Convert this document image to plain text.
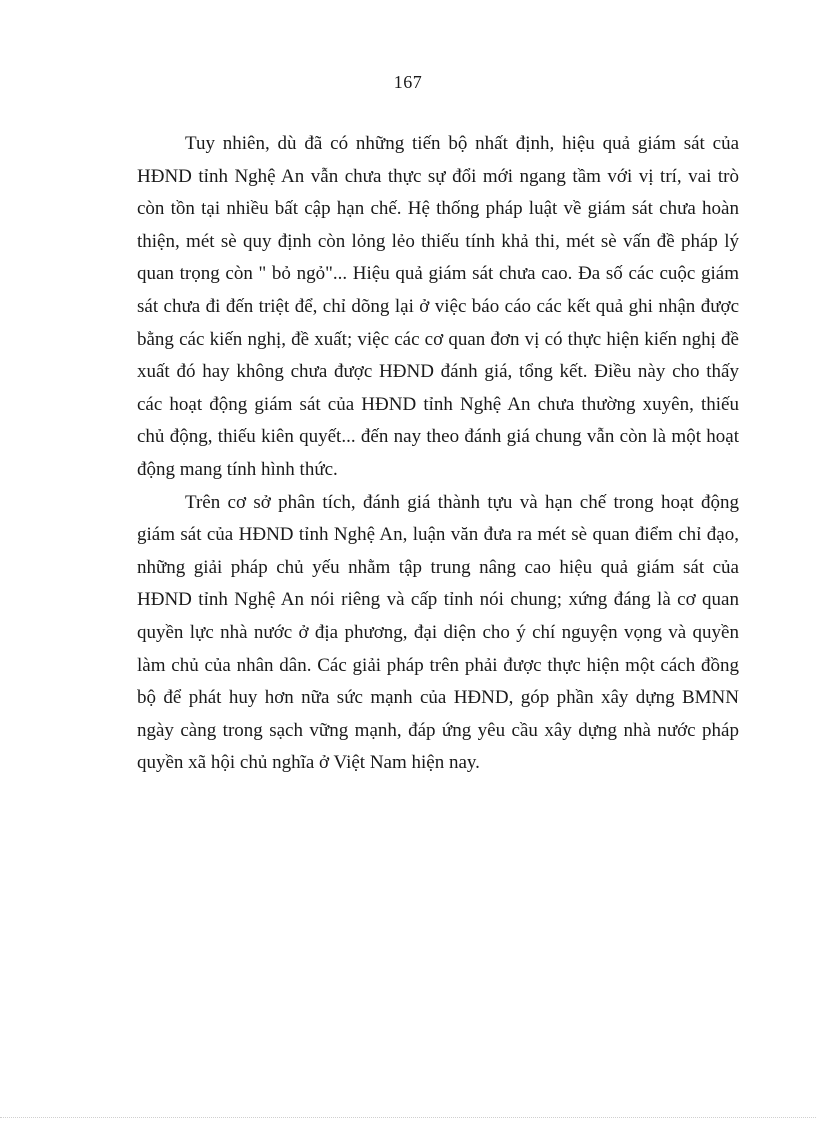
167

Tuy nhiên, dù đã có những tiến bộ nhất định, hiệu quả giám sát của HĐND tỉnh Nghệ An vẫn chưa thực sự đổi mới ngang tầm với vị trí, vai trò còn tồn tại nhiều bất cập hạn chế. Hệ thống pháp luật về giám sát chưa hoàn thiện, mét sè quy định còn lỏng lẻo thiếu tính khả thi, mét sè vấn đề pháp lý quan trọng còn " bỏ ngỏ"... Hiệu quả giám sát chưa cao. Đa số các cuộc giám sát chưa đi đến triệt để, chỉ dõng lại ở việc báo cáo các kết quả ghi nhận được bằng các kiến nghị, đề xuất; việc các cơ quan đơn vị có thực hiện kiến nghị đề xuất đó hay không chưa được HĐND đánh giá, tổng kết. Điều này cho thấy các hoạt động giám sát của HĐND tỉnh Nghệ An chưa thường xuyên, thiếu chủ động, thiếu kiên quyết... đến nay theo đánh giá chung vẫn còn là một hoạt động mang tính hình thức.

Trên cơ sở phân tích, đánh giá thành tựu và hạn chế trong hoạt động giám sát của HĐND tỉnh Nghệ An, luận văn đưa ra mét sè quan điểm chỉ đạo, những giải pháp chủ yếu nhằm tập trung nâng cao hiệu quả giám sát của HĐND tỉnh Nghệ An nói riêng và cấp tỉnh nói chung; xứng đáng là cơ quan quyền lực nhà nước ở địa phương, đại diện cho ý chí nguyện vọng và quyền làm chủ của nhân dân. Các giải pháp trên phải được thực hiện một cách đồng bộ để phát huy hơn nữa sức mạnh của HĐND, góp phần xây dựng BMNN ngày càng trong sạch vững mạnh, đáp ứng yêu cầu xây dựng nhà nước pháp quyền xã hội chủ nghĩa ở Việt Nam hiện nay.
